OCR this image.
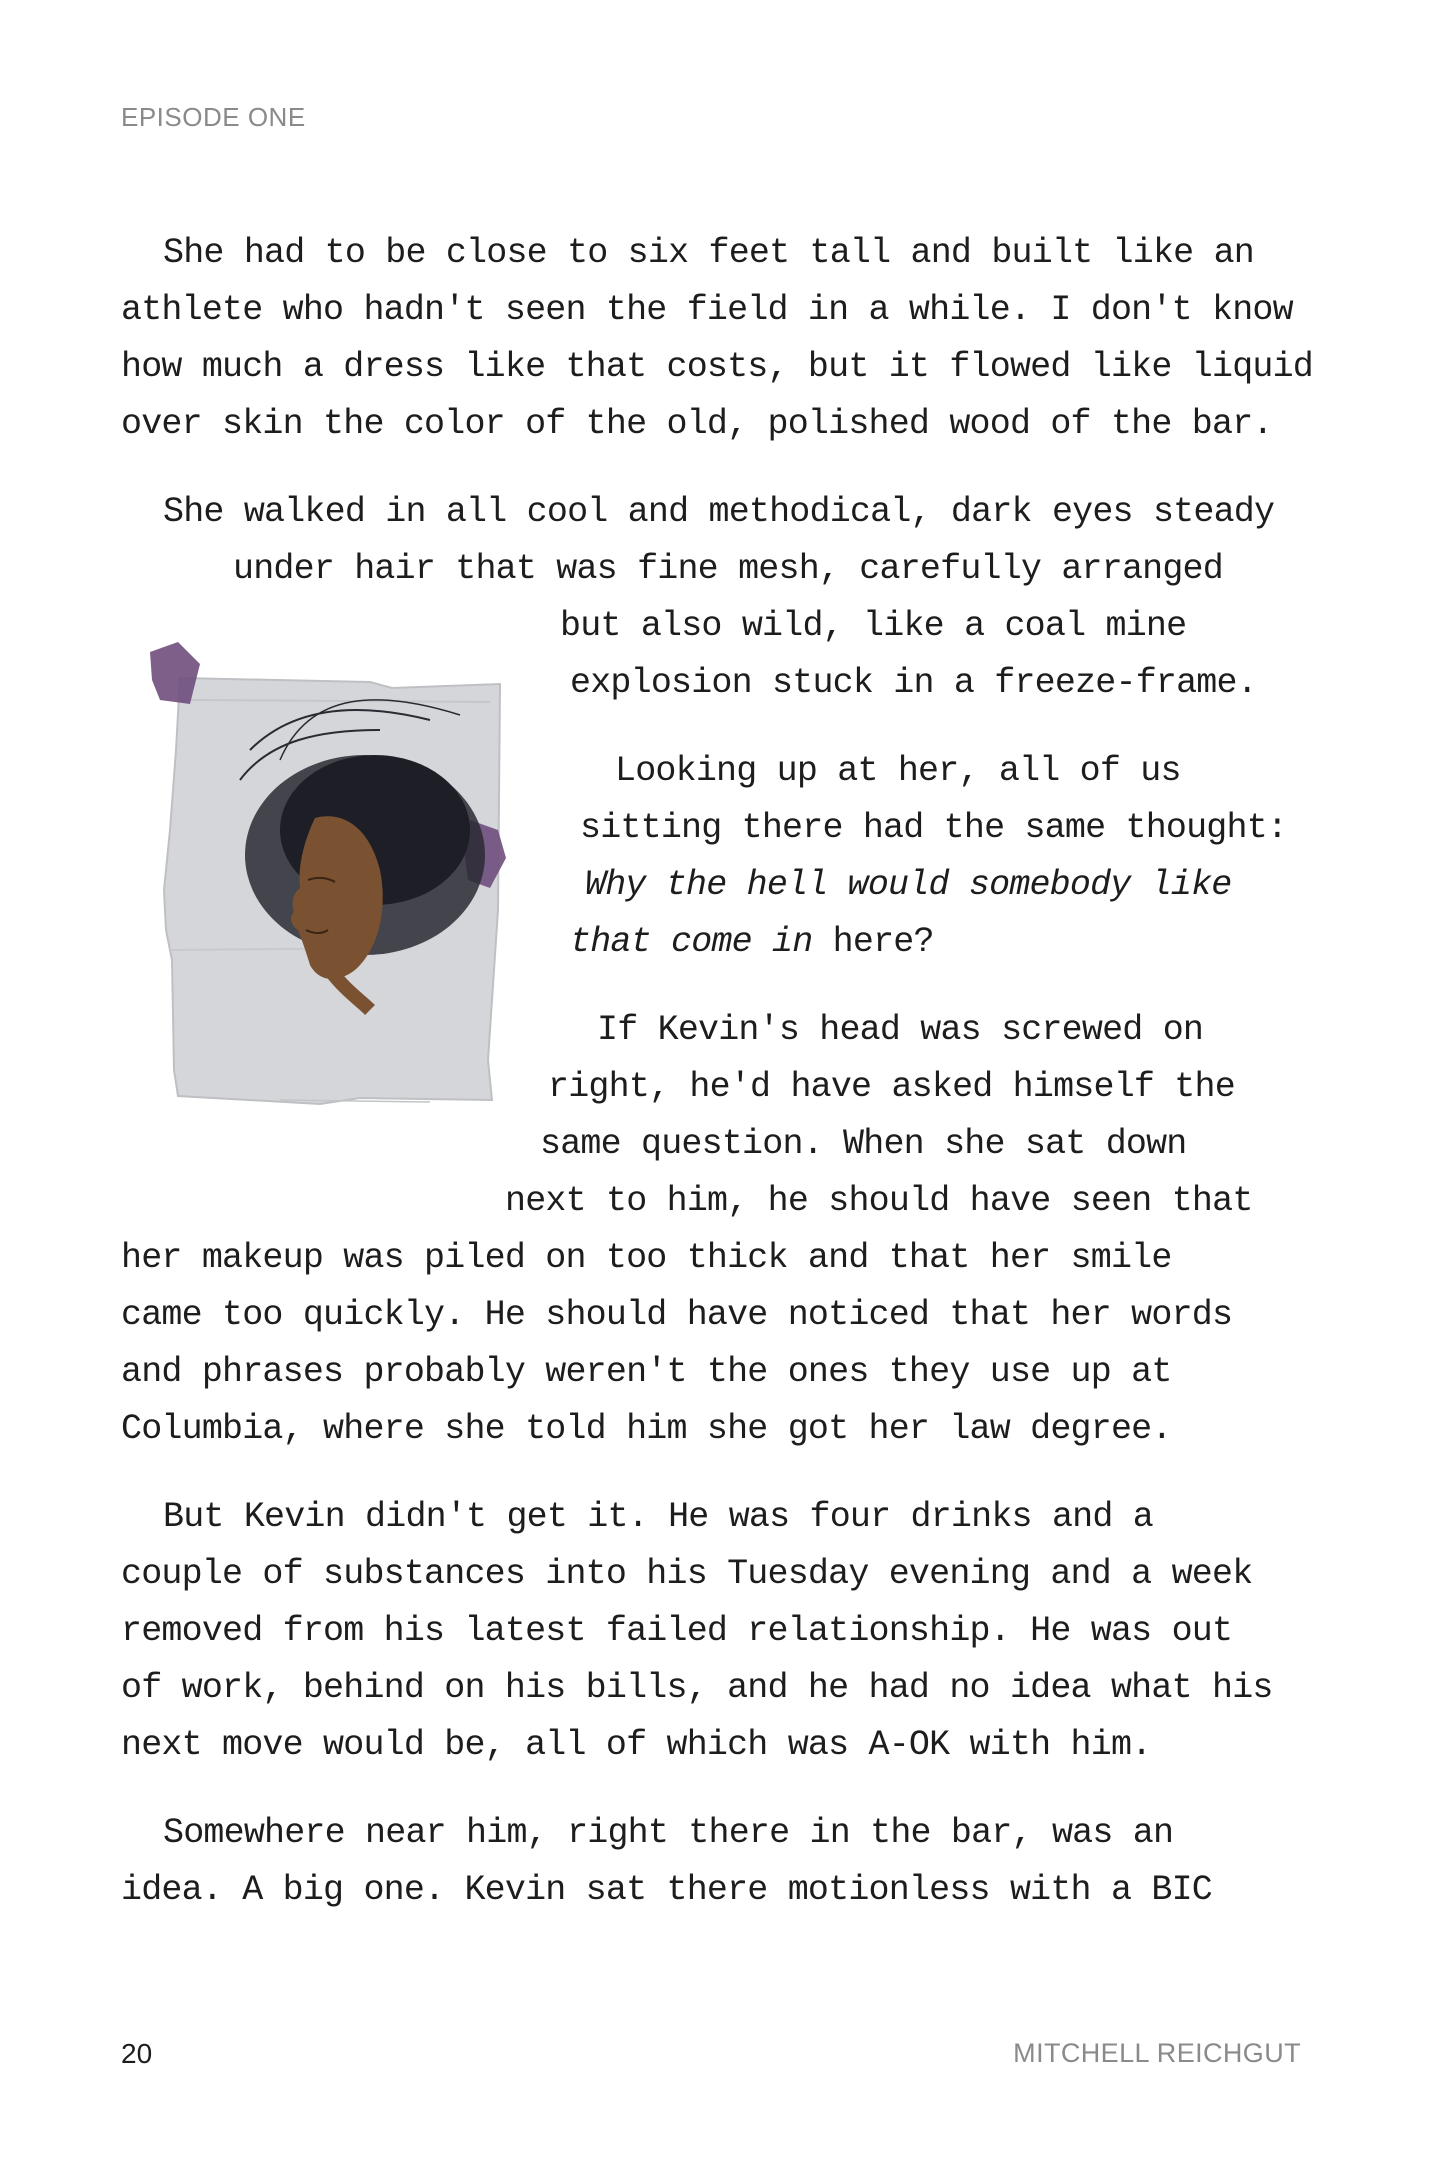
EPISODE ONE
She had to be close to six feet tall and built like an
athlete who hadn't seen the field in a while. I don't know
how much a dress like that costs, but it flowed like liquid
over skin the color of the old, polished wood of the bar.
She walked in all cool and methodical, dark eyes steady
under hair that was fine mesh, carefully arranged
but also wild, like a coal mine
explosion stuck in a freeze-frame.
Looking up at her, all of us
sitting there had the same thought:
Why the hell would somebody like
that come in here?
If Kevin's head was screwed on
right, he'd have asked himself the
same question. When she sat down
next to him, he should have seen that
her makeup was piled on too thick and that her smile
came too quickly. He should have noticed that her words
and phrases probably weren't the ones they use up at
Columbia, where she told him she got her law degree.
But Kevin didn't get it. He was four drinks and a
couple of substances into his Tuesday evening and a week
removed from his latest failed relationship. He was out
of work, behind on his bills, and he had no idea what his
next move would be, all of which was A-OK with him.
Somewhere near him, right there in the bar, was an
idea. A big one. Kevin sat there motionless with a BIC
20	MITCHELL REICHGUT
